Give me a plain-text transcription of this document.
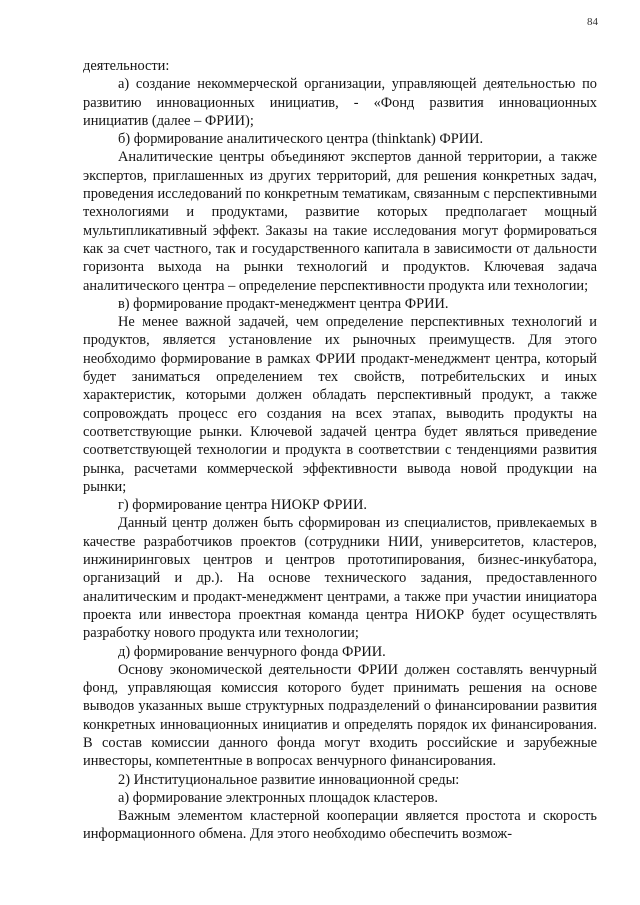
84

деятельности:

а) создание некоммерческой организации, управляющей деятельностью по развитию инновационных инициатив, - «Фонд развития инновационных инициатив (далее – ФРИИ);

б) формирование аналитического центра (thinktank) ФРИИ.

Аналитические центры объединяют экспертов данной территории, а также экспертов, приглашенных из других территорий, для решения конкретных задач, проведения исследований по конкретным тематикам, связанным с перспективными технологиями и продуктами, развитие которых предполагает мощный мультипликативный эффект. Заказы на такие исследования могут формироваться как за счет частного, так и государственного капитала в зависимости от дальности горизонта выхода на рынки технологий и продуктов. Ключевая задача аналитического центра – определение перспективности продукта или технологии;

в) формирование продакт-менеджмент центра ФРИИ.

Не менее важной задачей, чем определение перспективных технологий и продуктов, является установление их рыночных преимуществ. Для этого необходимо формирование в рамках ФРИИ продакт-менеджмент центра, который будет заниматься определением тех свойств, потребительских и иных характеристик, которыми должен обладать перспективный продукт, а также сопровождать процесс его создания на всех этапах, выводить продукты на соответствующие рынки. Ключевой задачей центра будет являться приведение соответствующей технологии и продукта в соответствии с тенденциями развития рынка, расчетами коммерческой эффективности вывода новой продукции на рынки;

г) формирование центра НИОКР ФРИИ.

Данный центр должен быть сформирован из специалистов, привлекаемых в качестве разработчиков проектов (сотрудники НИИ, университетов, кластеров, инжиниринговых центров и центров прототипирования, бизнес-инкубатора, организаций и др.). На основе технического задания, предоставленного аналитическим и продакт-менеджмент центрами, а также при участии инициатора проекта или инвестора проектная команда центра НИОКР будет осуществлять разработку нового продукта или технологии;

д) формирование венчурного фонда ФРИИ.

Основу экономической деятельности ФРИИ должен составлять венчурный фонд, управляющая комиссия которого будет принимать решения на основе выводов указанных выше структурных подразделений о финансировании развития конкретных инновационных инициатив и определять порядок их финансирования. В состав комиссии данного фонда могут входить российские и зарубежные инвесторы, компетентные в вопросах венчурного финансирования.

2) Институциональное развитие инновационной среды:

а) формирование электронных площадок кластеров.

Важным элементом кластерной кооперации является простота и скорость информационного обмена. Для этого необходимо обеспечить возмож-
